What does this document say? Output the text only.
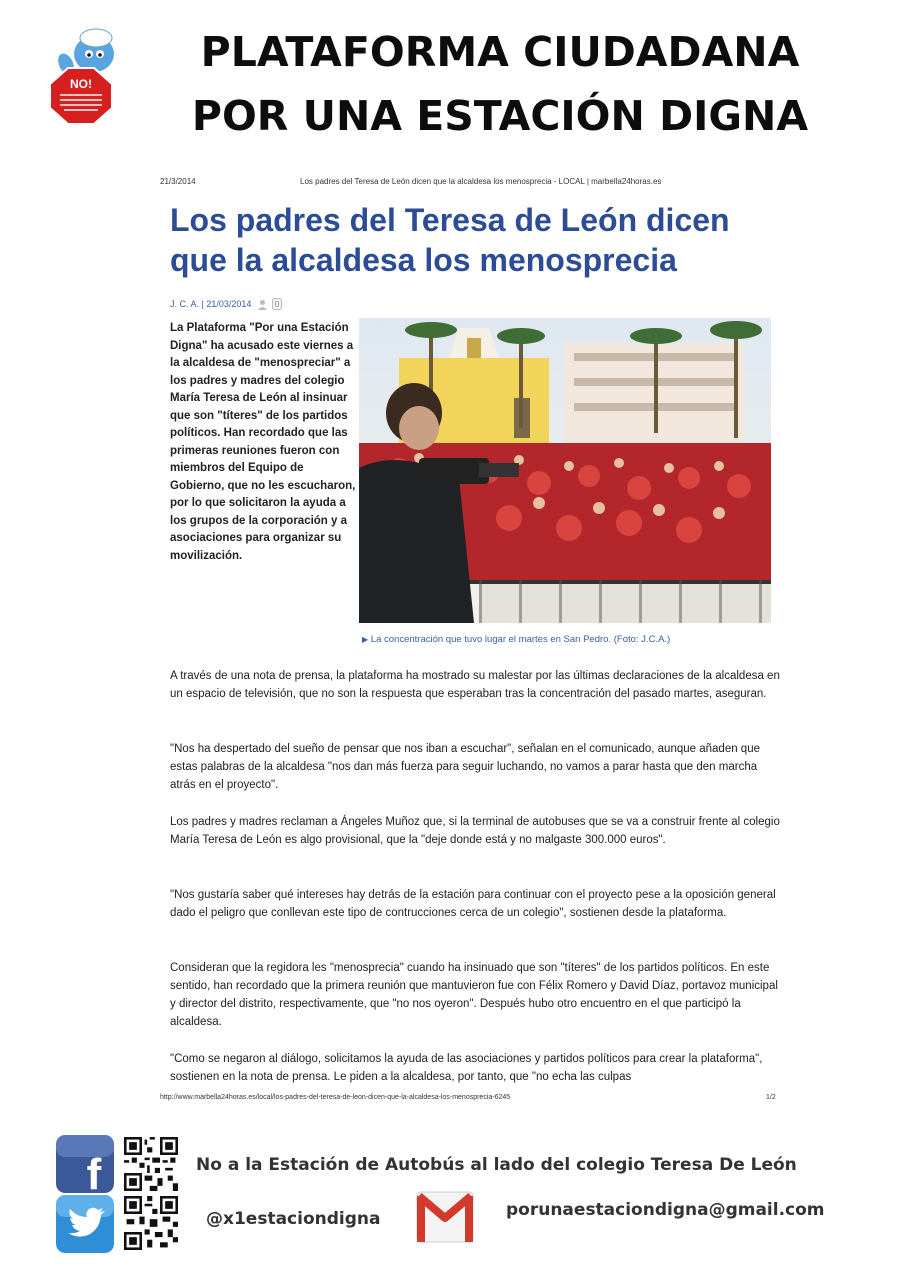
NO!
PLATAFORMA CIUDADANA
POR UNA ESTACIÓN DIGNA
21/3/2014	Los padres del Teresa de León dicen que la alcaldesa los menosprecia - LOCAL | marbella24horas.es
Los padres del Teresa de León dicen
que la alcaldesa los menosprecia
J. C. A. | 21/03/2014	0
La Plataforma "Por una Estación Digna" ha acusado este viernes a la alcaldesa de "menospreciar" a los padres y madres del colegio María Teresa de León al insinuar que son "títeres" de los partidos políticos. Han recordado que las primeras reuniones fueron con miembros del Equipo de Gobierno, que no les escucharon, por lo que solicitaron la ayuda a los grupos de la corporación y a asociaciones para organizar su movilización.
▶ La concentración que tuvo lugar el martes en San Pedro. (Foto: J.C.A.)
A través de una nota de prensa, la plataforma ha mostrado su malestar por las últimas declaraciones de la alcaldesa en un espacio de televisión, que no son la respuesta que esperaban tras la concentración del pasado martes, aseguran.
"Nos ha despertado del sueño de pensar que nos iban a escuchar", señalan en el comunicado, aunque añaden que estas palabras de la alcaldesa "nos dan más fuerza para seguir luchando, no vamos a parar hasta que den marcha atrás en el proyecto".
Los padres y madres reclaman a Ángeles Muñoz que, si la terminal de autobuses que se va a construir frente al colegio María Teresa de León es algo provisional, que la "deje donde está y no malgaste 300.000 euros".
"Nos gustaría saber qué intereses hay detrás de la estación para continuar con el proyecto pese a la oposición general dado el peligro que conllevan este tipo de contrucciones cerca de un colegio", sostienen desde la plataforma.
Consideran que la regidora les "menosprecia" cuando ha insinuado que son "títeres" de los partidos políticos. En este sentido, han recordado que la primera reunión que mantuvieron fue con Félix Romero y David Díaz, portavoz municipal y director del distrito, respectivamente, que "no nos oyeron". Después hubo otro encuentro en el que participó la alcaldesa.
"Como se negaron al diálogo, solicitamos la ayuda de las asociaciones y partidos políticos para crear la plataforma", sostienen en la nota de prensa. Le piden a la alcaldesa, por tanto, que "no echa las culpas
http://www.marbella24horas.es/local/los-padres-del-teresa-de-leon-dicen-que-la-alcaldesa-los-menosprecia-6245	1/2
f	No a la Estación de Autobús al lado del colegio Teresa De León
@x1estaciondigna	porunaestaciondigna@gmail.com
